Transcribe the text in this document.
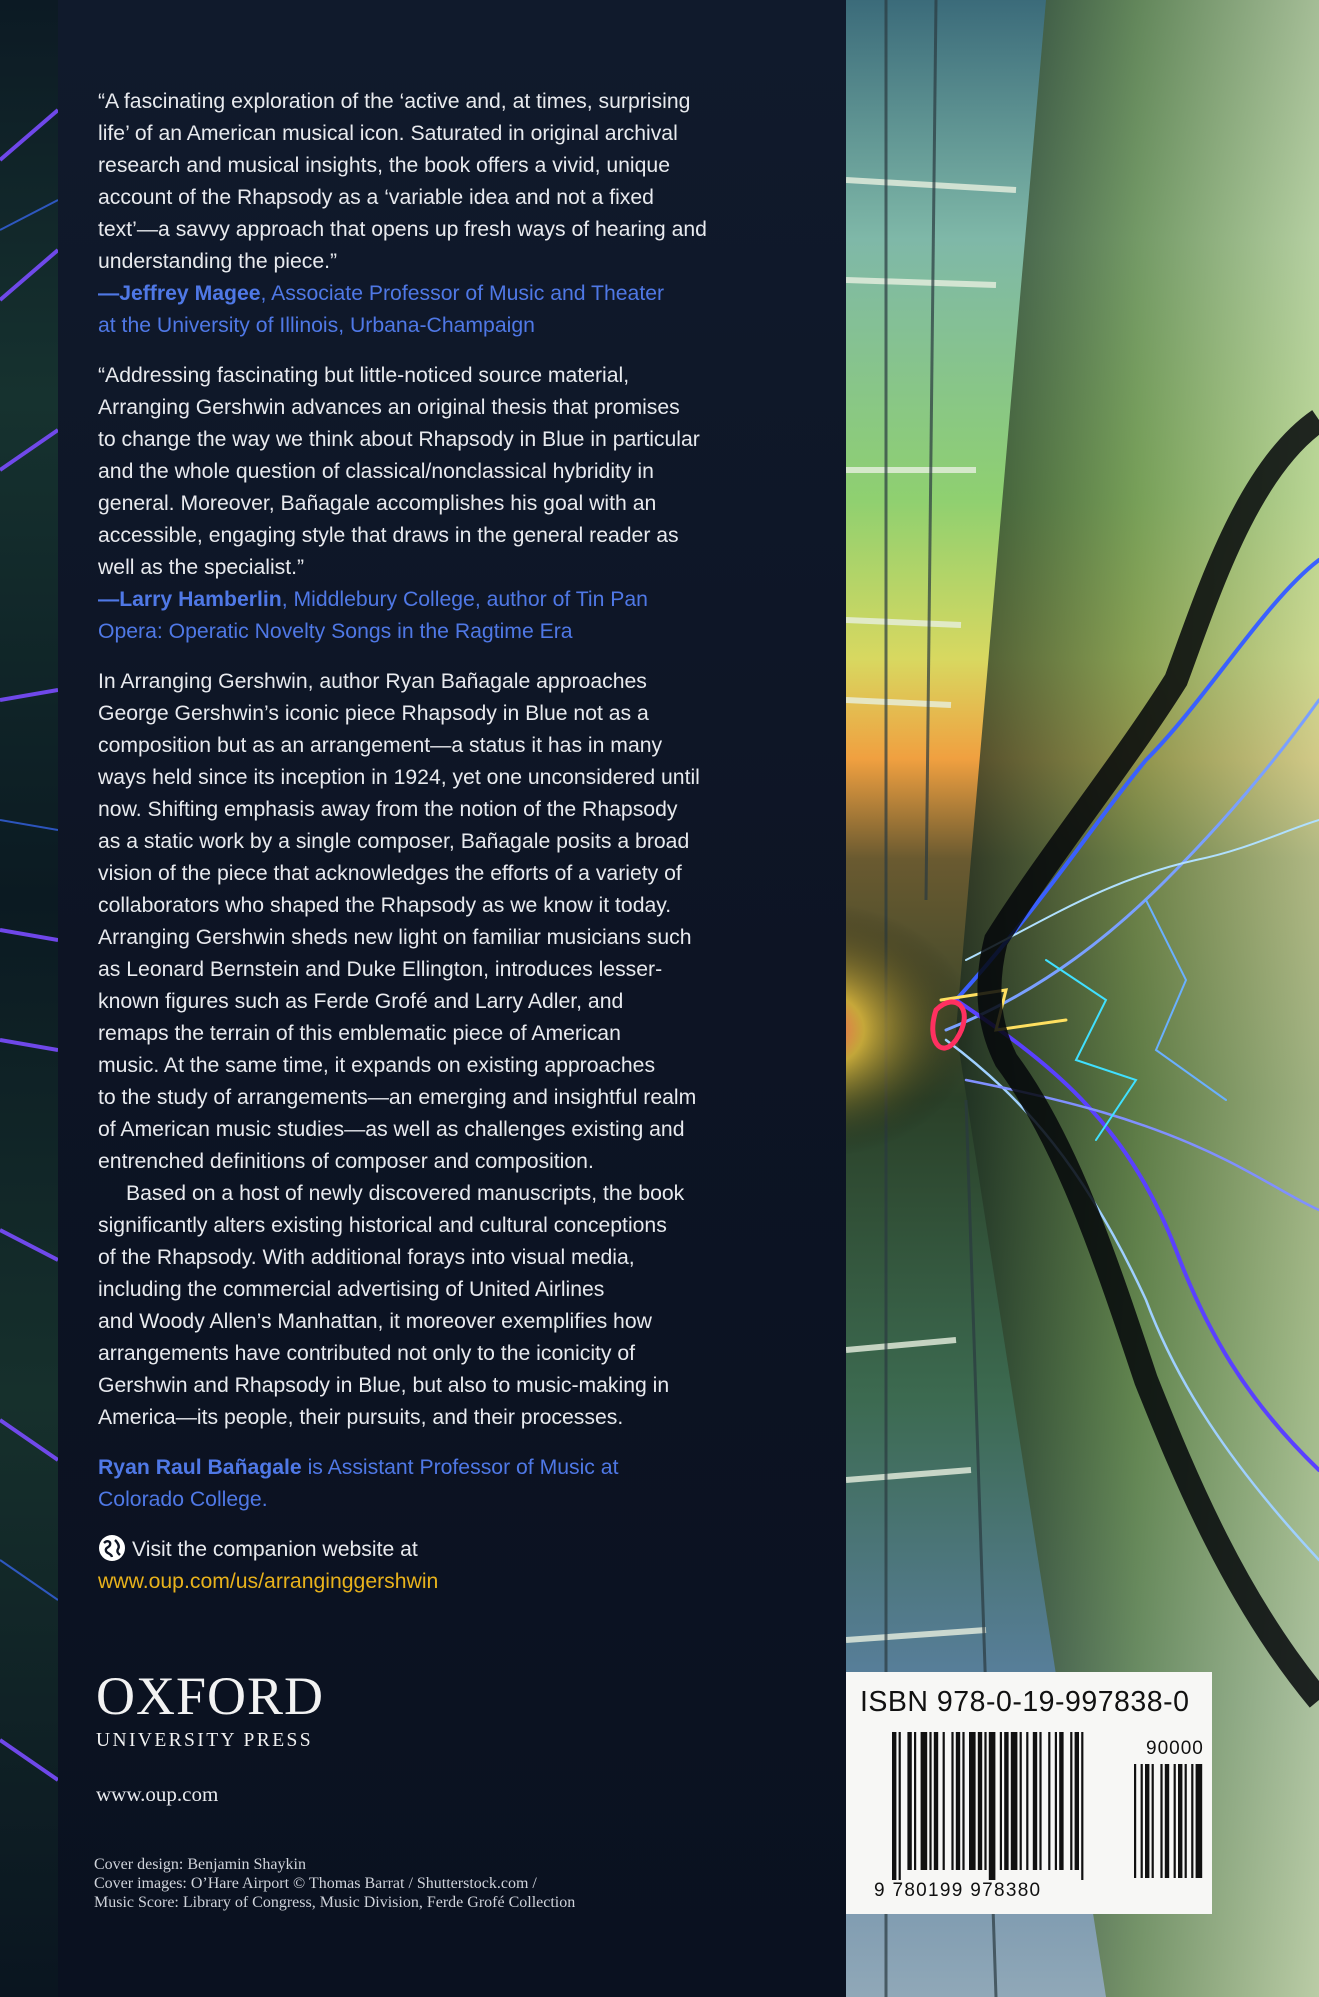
“A fascinating exploration of the ‘active and, at times, surprising
life’ of an American musical icon. Saturated in original archival
research and musical insights, the book offers a vivid, unique
account of the Rhapsody as a ‘variable idea and not a fixed
text’—a savvy approach that opens up fresh ways of hearing and
understanding the piece.”
—Jeffrey Magee, Associate Professor of Music and Theater
at the University of Illinois, Urbana-Champaign
“Addressing fascinating but little-noticed source material,
Arranging Gershwin advances an original thesis that promises
to change the way we think about Rhapsody in Blue in particular
and the whole question of classical/nonclassical hybridity in
general. Moreover, Bañagale accomplishes his goal with an
accessible, engaging style that draws in the general reader as
well as the specialist.”
—Larry Hamberlin, Middlebury College, author of Tin Pan
Opera: Operatic Novelty Songs in the Ragtime Era
In Arranging Gershwin, author Ryan Bañagale approaches
George Gershwin’s iconic piece Rhapsody in Blue not as a
composition but as an arrangement—a status it has in many
ways held since its inception in 1924, yet one unconsidered until
now. Shifting emphasis away from the notion of the Rhapsody
as a static work by a single composer, Bañagale posits a broad
vision of the piece that acknowledges the efforts of a variety of
collaborators who shaped the Rhapsody as we know it today.
Arranging Gershwin sheds new light on familiar musicians such
as Leonard Bernstein and Duke Ellington, introduces lesser-
known figures such as Ferde Grofé and Larry Adler, and
remaps the terrain of this emblematic piece of American
music. At the same time, it expands on existing approaches
to the study of arrangements—an emerging and insightful realm
of American music studies—as well as challenges existing and
entrenched definitions of composer and composition.
Based on a host of newly discovered manuscripts, the book
significantly alters existing historical and cultural conceptions
of the Rhapsody. With additional forays into visual media,
including the commercial advertising of United Airlines
and Woody Allen’s Manhattan, it moreover exemplifies how
arrangements have contributed not only to the iconicity of
Gershwin and Rhapsody in Blue, but also to music-making in
America—its people, their pursuits, and their processes.
Ryan Raul Bañagale is Assistant Professor of Music at
Colorado College.
Visit the companion website at
www.oup.com/us/arranginggershwin
OXFORD
UNIVERSITY PRESS
www.oup.com
Cover design: Benjamin Shaykin
Cover images: O’Hare Airport © Thomas Barrat / Shutterstock.com /
Music Score: Library of Congress, Music Division, Ferde Grofé Collection
ISBN 978-0-19-997838-0
90000
9 780199 978380
